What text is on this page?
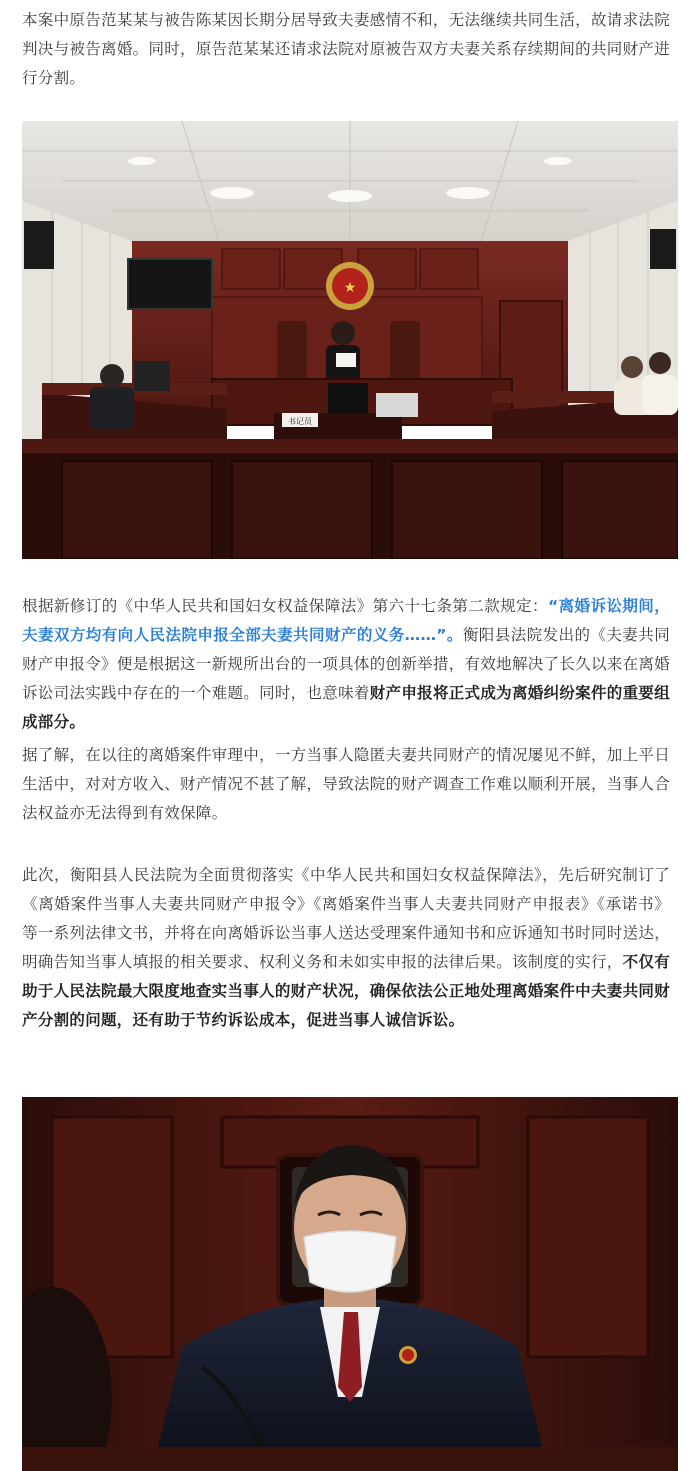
本案中原告范某某与被告陈某因长期分居导致夫妻感情不和，无法继续共同生活，故请求法院判决与被告离婚。同时，原告范某某还请求法院对原被告双方夫妻关系存续期间的共同财产进行分割。

★
书记员

根据新修订的《中华人民共和国妇女权益保障法》第六十七条第二款规定：“离婚诉讼期间，夫妻双方均有向人民法院申报全部夫妻共同财产的义务……”。衡阳县法院发出的《夫妻共同财产申报令》便是根据这一新规所出台的一项具体的创新举措，有效地解决了长久以来在离婚诉讼司法实践中存在的一个难题。同时，也意味着财产申报将正式成为离婚纠纷案件的重要组成部分。

据了解，在以往的离婚案件审理中，一方当事人隐匿夫妻共同财产的情况屡见不鲜，加上平日生活中，对对方收入、财产情况不甚了解，导致法院的财产调查工作难以顺利开展，当事人合法权益亦无法得到有效保障。

此次，衡阳县人民法院为全面贯彻落实《中华人民共和国妇女权益保障法》，先后研究制订了《离婚案件当事人夫妻共同财产申报令》《离婚案件当事人夫妻共同财产申报表》《承诺书》等一系列法律文书，并将在向离婚诉讼当事人送达受理案件通知书和应诉通知书时同时送达，明确告知当事人填报的相关要求、权利义务和未如实申报的法律后果。该制度的实行，不仅有助于人民法院最大限度地查实当事人的财产状况，确保依法公正地处理离婚案件中夫妻共同财产分割的问题，还有助于节约诉讼成本，促进当事人诚信诉讼。
